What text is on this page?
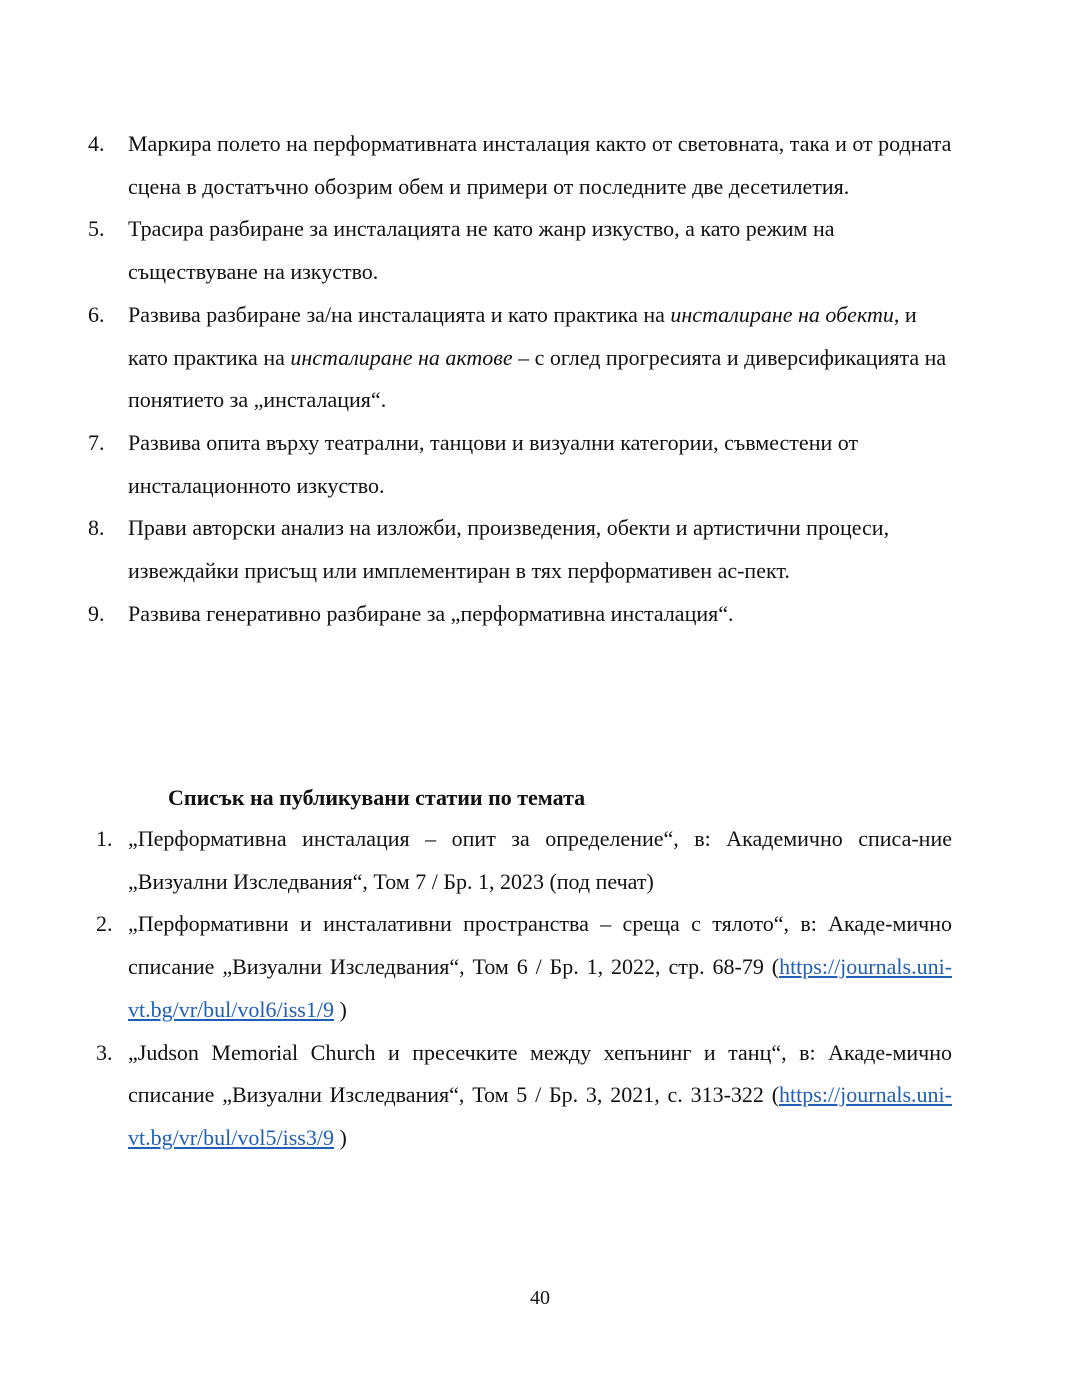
4. Маркира полето на перформативната инсталация както от световната, така и от родната сцена в достатъчно обозрим обем и примери от последните две десетилетия.
5. Трасира разбиране за инсталацията не като жанр изкуство, а като режим на съществуване на изкуство.
6. Развива разбиране за/на инсталацията и като практика на инсталиране на обекти, и като практика на инсталиране на актове – с оглед прогресията и диверсификацията на понятието за „инсталация“.
7. Развива опита върху театрални, танцови и визуални категории, съвместени от инсталационното изкуство.
8. Прави авторски анализ на изложби, произведения, обекти и артистични процеси, извеждайки присъщ или имплементиран в тях перформативен ас-пект.
9. Развива генеративно разбиране за „перформативна инсталация“.
Списък на публикувани статии по темата
1. „Перформативна инсталация – опит за определение“, в: Академично списа-ние „Визуални Изследвания“, Том 7 / Бр. 1, 2023 (под печат)
2. „Перформативни и инсталативни пространства – среща с тялото“, в: Акаде-мично списание „Визуални Изследвания“, Том 6 / Бр. 1, 2022, стр. 68-79 (https://journals.uni-vt.bg/vr/bul/vol6/iss1/9 )
3. „Judson Memorial Church и пресечките между хепънинг и танц“, в: Акаде-мично списание „Визуални Изследвания“, Том 5 / Бр. 3, 2021, с. 313-322 (https://journals.uni-vt.bg/vr/bul/vol5/iss3/9 )
40
